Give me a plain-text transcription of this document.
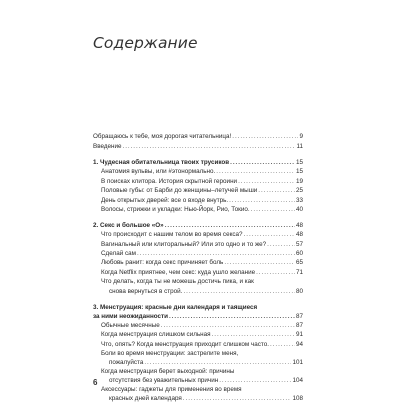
Содержание
Обращаюсь к тебе, моя дорогая читательница! . . .	9
Введение . . .	11
1. Чудесная обитательница твоих трусиков . . .	15
Анатомия вульвы, или #этонормально. . . .	15
В поисках клитора. История скрытной героини . . .	19
Половые губы: от Барби до женщины–летучей мыши . . .	25
День открытых дверей: все о входе внутрь. . . .	33
Волосы, стрижки и укладки: Нью-Йорк, Рио, Токио. . . .	40
2. Секс и большое «О» . . .	48
Что происходит с нашим телом во время секса? . . .	48
Вагинальный или клиторальный? Или это одно и то же? . . .	57
Сделай сам . . .	60
Любовь ранит: когда секс причиняет боль . . .	65
Когда Netflix приятнее, чем секс: куда ушло желание . . .	71
Что делать, когда ты не можешь достичь пика, и как
снова вернуться в строй. . . .	80
3. Менструация: красные дни календаря и таящиеся
за ними неожиданности . . .	87
Обычные месячные . . .	87
Когда менструация слишком сильная . . .	91
Что, опять? Когда менструация приходит слишком часто. . . .	94
Боли во время менструации: застрелите меня,
пожалуйста . . .	101
Когда менструация берет выходной: причины
отсутствия без уважительных причин . . .	104
Аксессуары: гаджеты для применения во время
красных дней календаря . . .	108
6
